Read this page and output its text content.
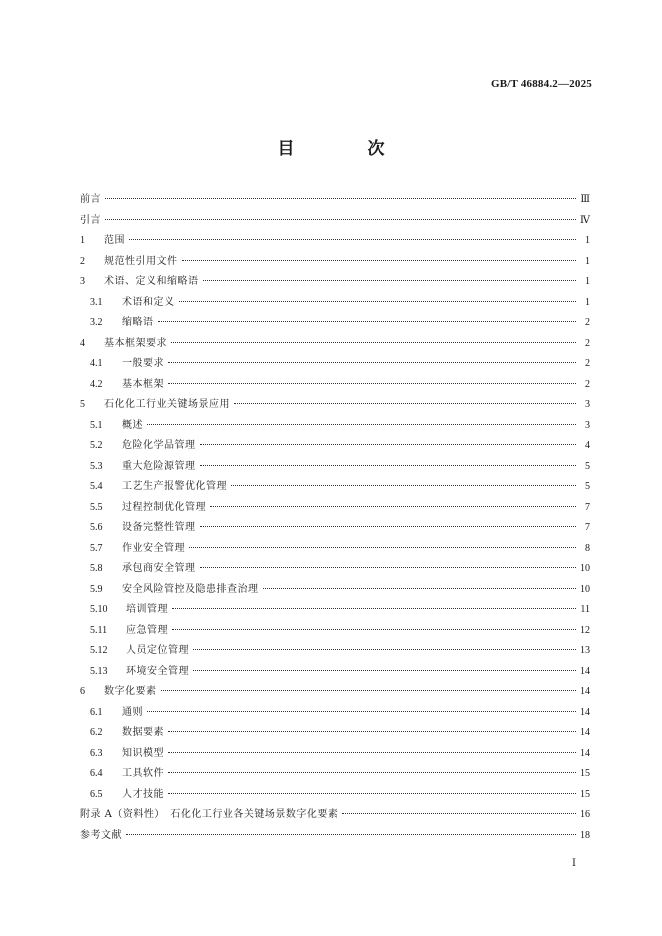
GB/T 46884.2—2025
目　次
前言	Ⅲ
引言	Ⅳ
1	范围	1
2	规范性引用文件	1
3	术语、定义和缩略语	1
3.1	术语和定义	1
3.2	缩略语	2
4	基本框架要求	2
4.1	一般要求	2
4.2	基本框架	2
5	石化化工行业关键场景应用	3
5.1	概述	3
5.2	危险化学品管理	4
5.3	重大危险源管理	5
5.4	工艺生产报警优化管理	5
5.5	过程控制优化管理	7
5.6	设备完整性管理	7
5.7	作业安全管理	8
5.8	承包商安全管理	10
5.9	安全风险管控及隐患排查治理	10
5.10	培训管理	11
5.11	应急管理	12
5.12	人员定位管理	13
5.13	环境安全管理	14
6	数字化要素	14
6.1	通则	14
6.2	数据要素	14
6.3	知识模型	14
6.4	工具软件	15
6.5	人才技能	15
附录 A（资料性）　石化化工行业各关键场景数字化要素	16
参考文献	18
Ⅰ
